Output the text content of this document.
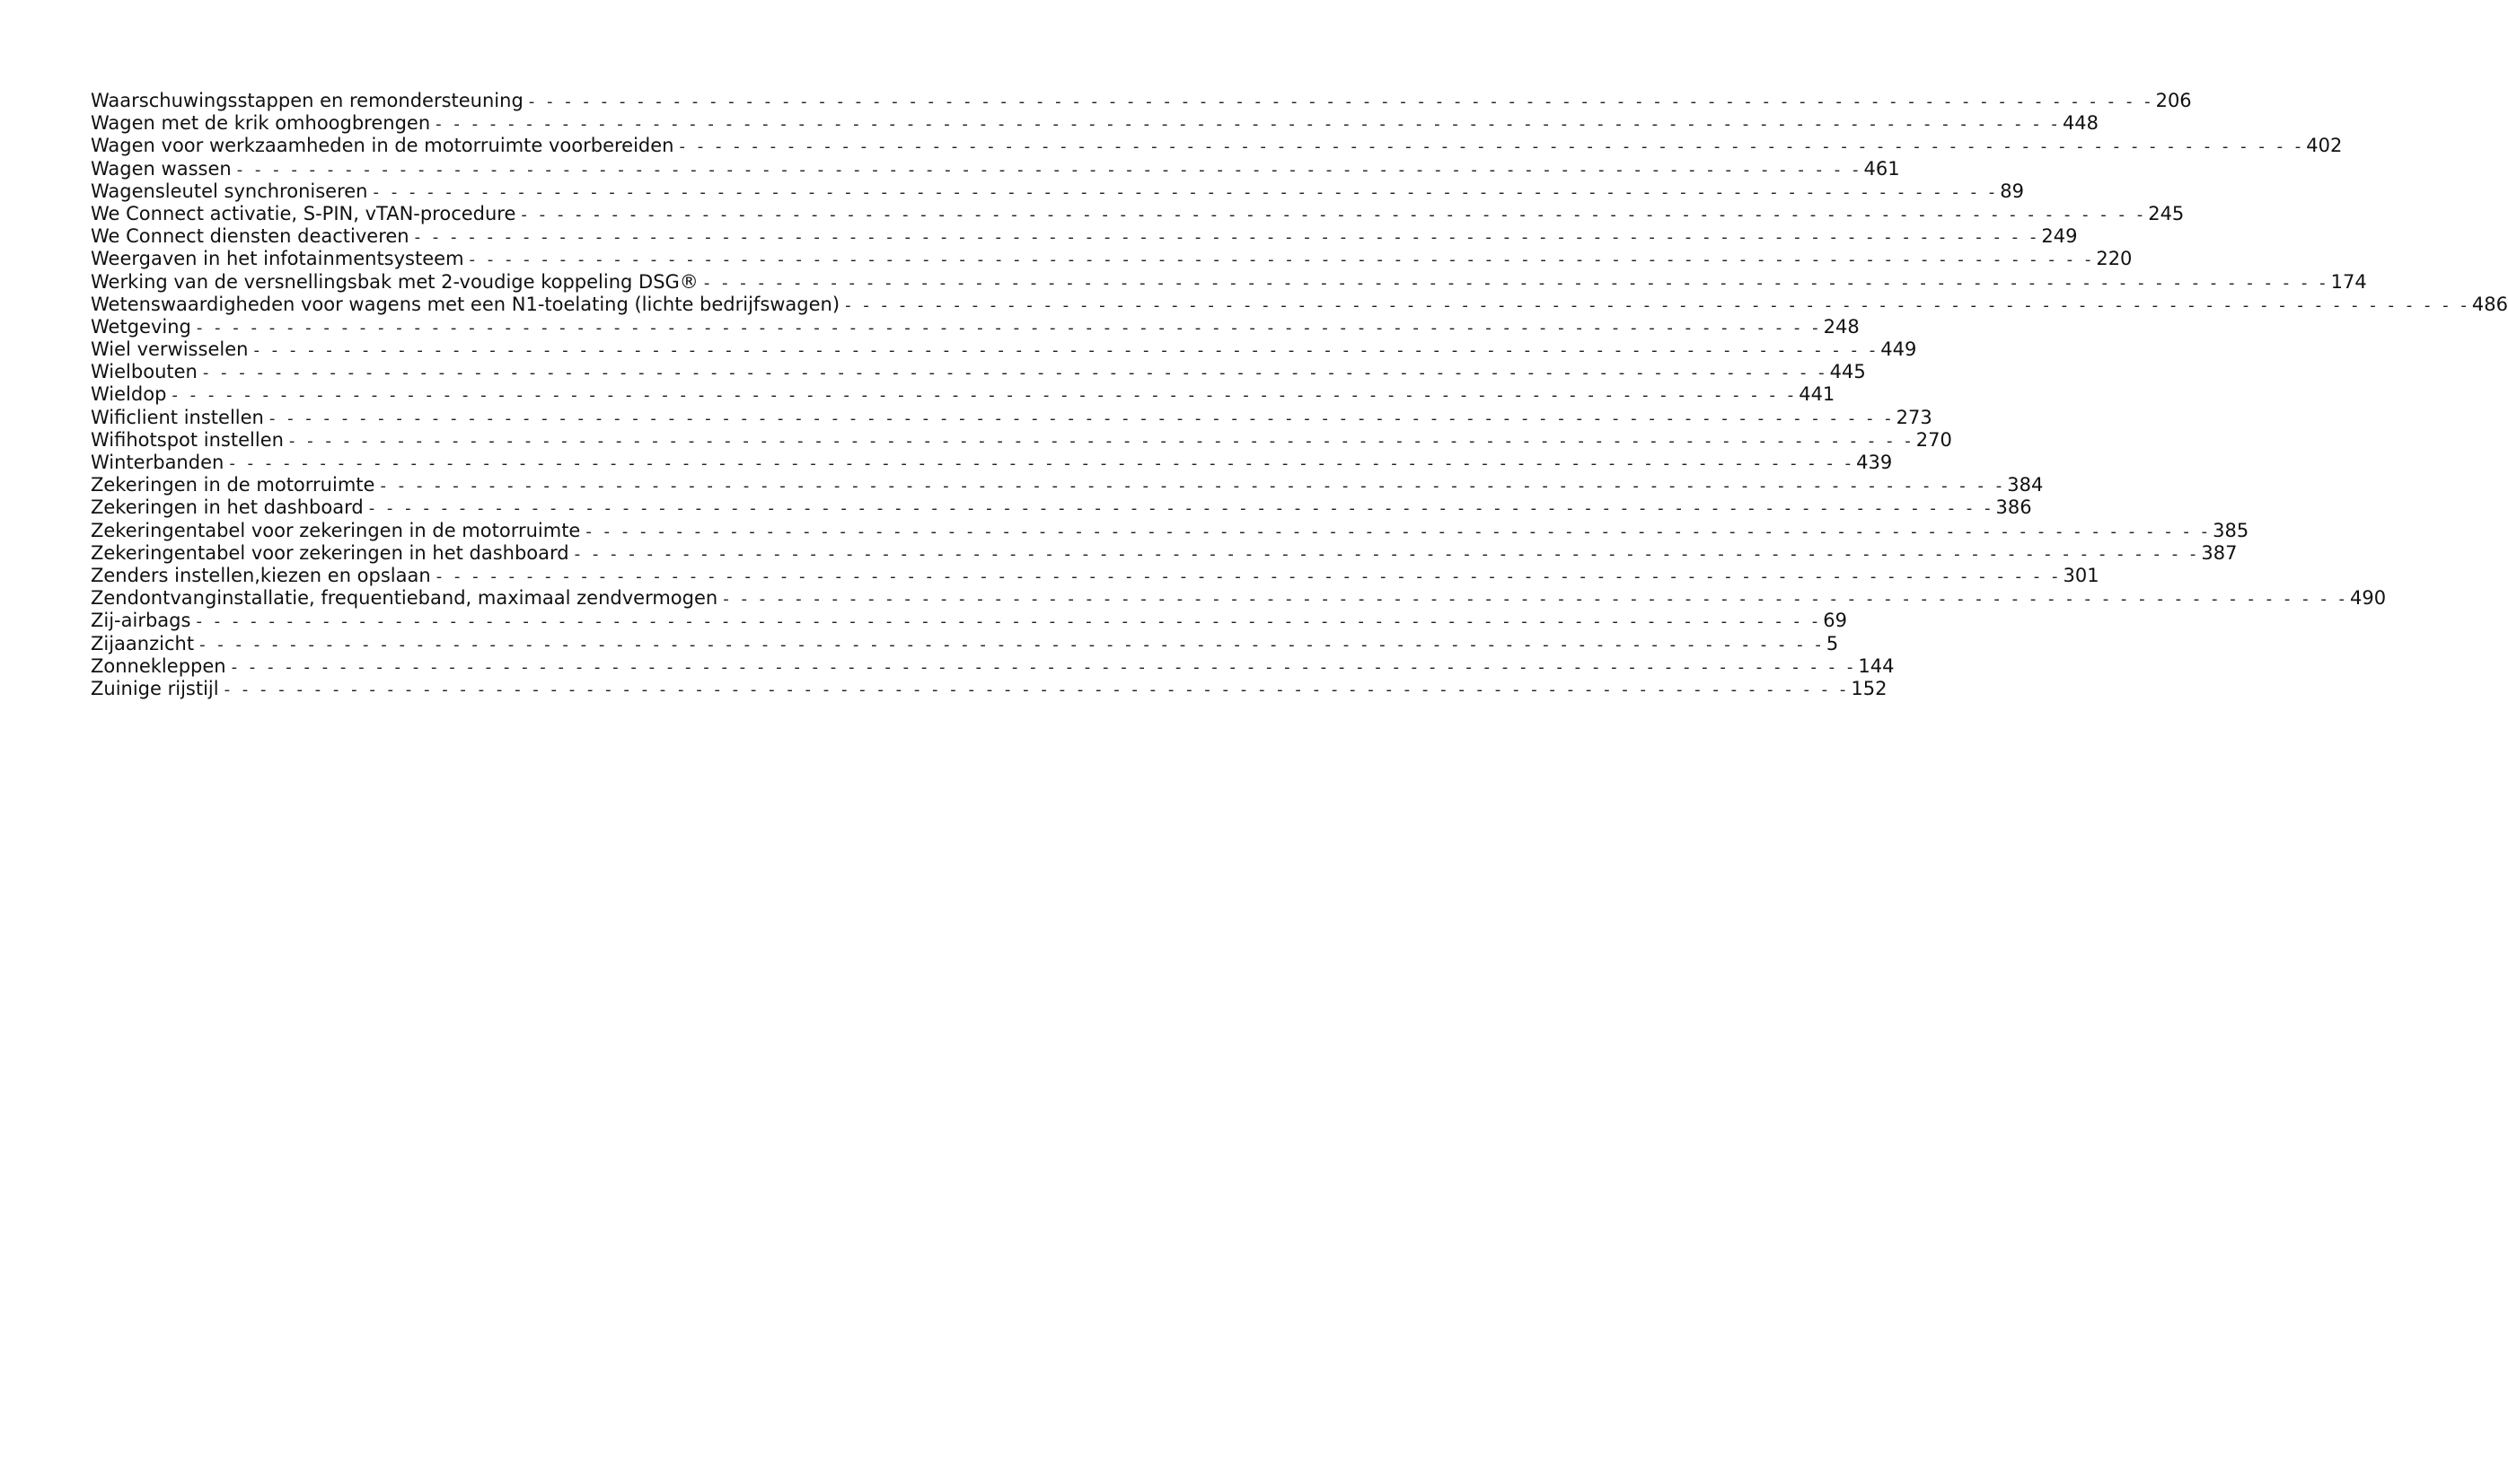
Waarschuwingsstappen en remondersteuning - - - - - - - - - - - - - - - - - - - - - - - - - - - - - - - - - - - - - - - - - - - - - - - - - - - - - - - - - - - - - - - - - - - - - - - - - - - - - - - - - - - - - - - - - - 206
Wagen met de krik omhoogbrengen - - - - - - - - - - - - - - - - - - - - - - - - - - - - - - - - - - - - - - - - - - - - - - - - - - - - - - - - - - - - - - - - - - - - - - - - - - - - - - - - - - - - - - - - - - 448
Wagen voor werkzaamheden in de motorruimte voorbereiden - - - - - - - - - - - - - - - - - - - - - - - - - - - - - - - - - - - - - - - - - - - - - - - - - - - - - - - - - - - - - - - - - - - - - - - - - - - - - - - - - - - - - - - - - - 402
Wagen wassen - - - - - - - - - - - - - - - - - - - - - - - - - - - - - - - - - - - - - - - - - - - - - - - - - - - - - - - - - - - - - - - - - - - - - - - - - - - - - - - - - - - - - - - - - - 461
Wagensleutel synchroniseren - - - - - - - - - - - - - - - - - - - - - - - - - - - - - - - - - - - - - - - - - - - - - - - - - - - - - - - - - - - - - - - - - - - - - - - - - - - - - - - - - - - - - - - - - - 89
We Connect activatie, S-PIN, vTAN-procedure - - - - - - - - - - - - - - - - - - - - - - - - - - - - - - - - - - - - - - - - - - - - - - - - - - - - - - - - - - - - - - - - - - - - - - - - - - - - - - - - - - - - - - - - - - 245
We Connect diensten deactiveren - - - - - - - - - - - - - - - - - - - - - - - - - - - - - - - - - - - - - - - - - - - - - - - - - - - - - - - - - - - - - - - - - - - - - - - - - - - - - - - - - - - - - - - - - - 249
Weergaven in het infotainmentsysteem - - - - - - - - - - - - - - - - - - - - - - - - - - - - - - - - - - - - - - - - - - - - - - - - - - - - - - - - - - - - - - - - - - - - - - - - - - - - - - - - - - - - - - - - - - 220
Werking van de versnellingsbak met 2-voudige koppeling DSG® - - - - - - - - - - - - - - - - - - - - - - - - - - - - - - - - - - - - - - - - - - - - - - - - - - - - - - - - - - - - - - - - - - - - - - - - - - - - - - - - - - - - - - - - - - 174
Wetenswaardigheden voor wagens met een N1-toelating (lichte bedrijfswagen) - - - - - - - - - - - - - - - - - - - - - - - - - - - - - - - - - - - - - - - - - - - - - - - - - - - - - - - - - - - - - - - - - - - - - - - - - - - - - - - - - - - - - - - - - - 486
Wetgeving - - - - - - - - - - - - - - - - - - - - - - - - - - - - - - - - - - - - - - - - - - - - - - - - - - - - - - - - - - - - - - - - - - - - - - - - - - - - - - - - - - - - - - - - - - 248
Wiel verwisselen - - - - - - - - - - - - - - - - - - - - - - - - - - - - - - - - - - - - - - - - - - - - - - - - - - - - - - - - - - - - - - - - - - - - - - - - - - - - - - - - - - - - - - - - - - 449
Wielbouten - - - - - - - - - - - - - - - - - - - - - - - - - - - - - - - - - - - - - - - - - - - - - - - - - - - - - - - - - - - - - - - - - - - - - - - - - - - - - - - - - - - - - - - - - - 445
Wieldop - - - - - - - - - - - - - - - - - - - - - - - - - - - - - - - - - - - - - - - - - - - - - - - - - - - - - - - - - - - - - - - - - - - - - - - - - - - - - - - - - - - - - - - - - - 441
Wificlient instellen - - - - - - - - - - - - - - - - - - - - - - - - - - - - - - - - - - - - - - - - - - - - - - - - - - - - - - - - - - - - - - - - - - - - - - - - - - - - - - - - - - - - - - - - - - 273
Wifihotspot instellen - - - - - - - - - - - - - - - - - - - - - - - - - - - - - - - - - - - - - - - - - - - - - - - - - - - - - - - - - - - - - - - - - - - - - - - - - - - - - - - - - - - - - - - - - - 270
Winterbanden - - - - - - - - - - - - - - - - - - - - - - - - - - - - - - - - - - - - - - - - - - - - - - - - - - - - - - - - - - - - - - - - - - - - - - - - - - - - - - - - - - - - - - - - - - 439
Zekeringen in de motorruimte - - - - - - - - - - - - - - - - - - - - - - - - - - - - - - - - - - - - - - - - - - - - - - - - - - - - - - - - - - - - - - - - - - - - - - - - - - - - - - - - - - - - - - - - - - 384
Zekeringen in het dashboard - - - - - - - - - - - - - - - - - - - - - - - - - - - - - - - - - - - - - - - - - - - - - - - - - - - - - - - - - - - - - - - - - - - - - - - - - - - - - - - - - - - - - - - - - - 386
Zekeringentabel voor zekeringen in de motorruimte - - - - - - - - - - - - - - - - - - - - - - - - - - - - - - - - - - - - - - - - - - - - - - - - - - - - - - - - - - - - - - - - - - - - - - - - - - - - - - - - - - - - - - - - - - 385
Zekeringentabel voor zekeringen in het dashboard - - - - - - - - - - - - - - - - - - - - - - - - - - - - - - - - - - - - - - - - - - - - - - - - - - - - - - - - - - - - - - - - - - - - - - - - - - - - - - - - - - - - - - - - - - 387
Zenders instellen,kiezen en opslaan - - - - - - - - - - - - - - - - - - - - - - - - - - - - - - - - - - - - - - - - - - - - - - - - - - - - - - - - - - - - - - - - - - - - - - - - - - - - - - - - - - - - - - - - - - 301
Zendontvanginstallatie, frequentieband, maximaal zendvermogen - - - - - - - - - - - - - - - - - - - - - - - - - - - - - - - - - - - - - - - - - - - - - - - - - - - - - - - - - - - - - - - - - - - - - - - - - - - - - - - - - - - - - - - - - - 490
Zij-airbags - - - - - - - - - - - - - - - - - - - - - - - - - - - - - - - - - - - - - - - - - - - - - - - - - - - - - - - - - - - - - - - - - - - - - - - - - - - - - - - - - - - - - - - - - - 69
Zijaanzicht - - - - - - - - - - - - - - - - - - - - - - - - - - - - - - - - - - - - - - - - - - - - - - - - - - - - - - - - - - - - - - - - - - - - - - - - - - - - - - - - - - - - - - - - - - 5
Zonnekleppen - - - - - - - - - - - - - - - - - - - - - - - - - - - - - - - - - - - - - - - - - - - - - - - - - - - - - - - - - - - - - - - - - - - - - - - - - - - - - - - - - - - - - - - - - - 144
Zuinige rijstijl - - - - - - - - - - - - - - - - - - - - - - - - - - - - - - - - - - - - - - - - - - - - - - - - - - - - - - - - - - - - - - - - - - - - - - - - - - - - - - - - - - - - - - - - - - 152
